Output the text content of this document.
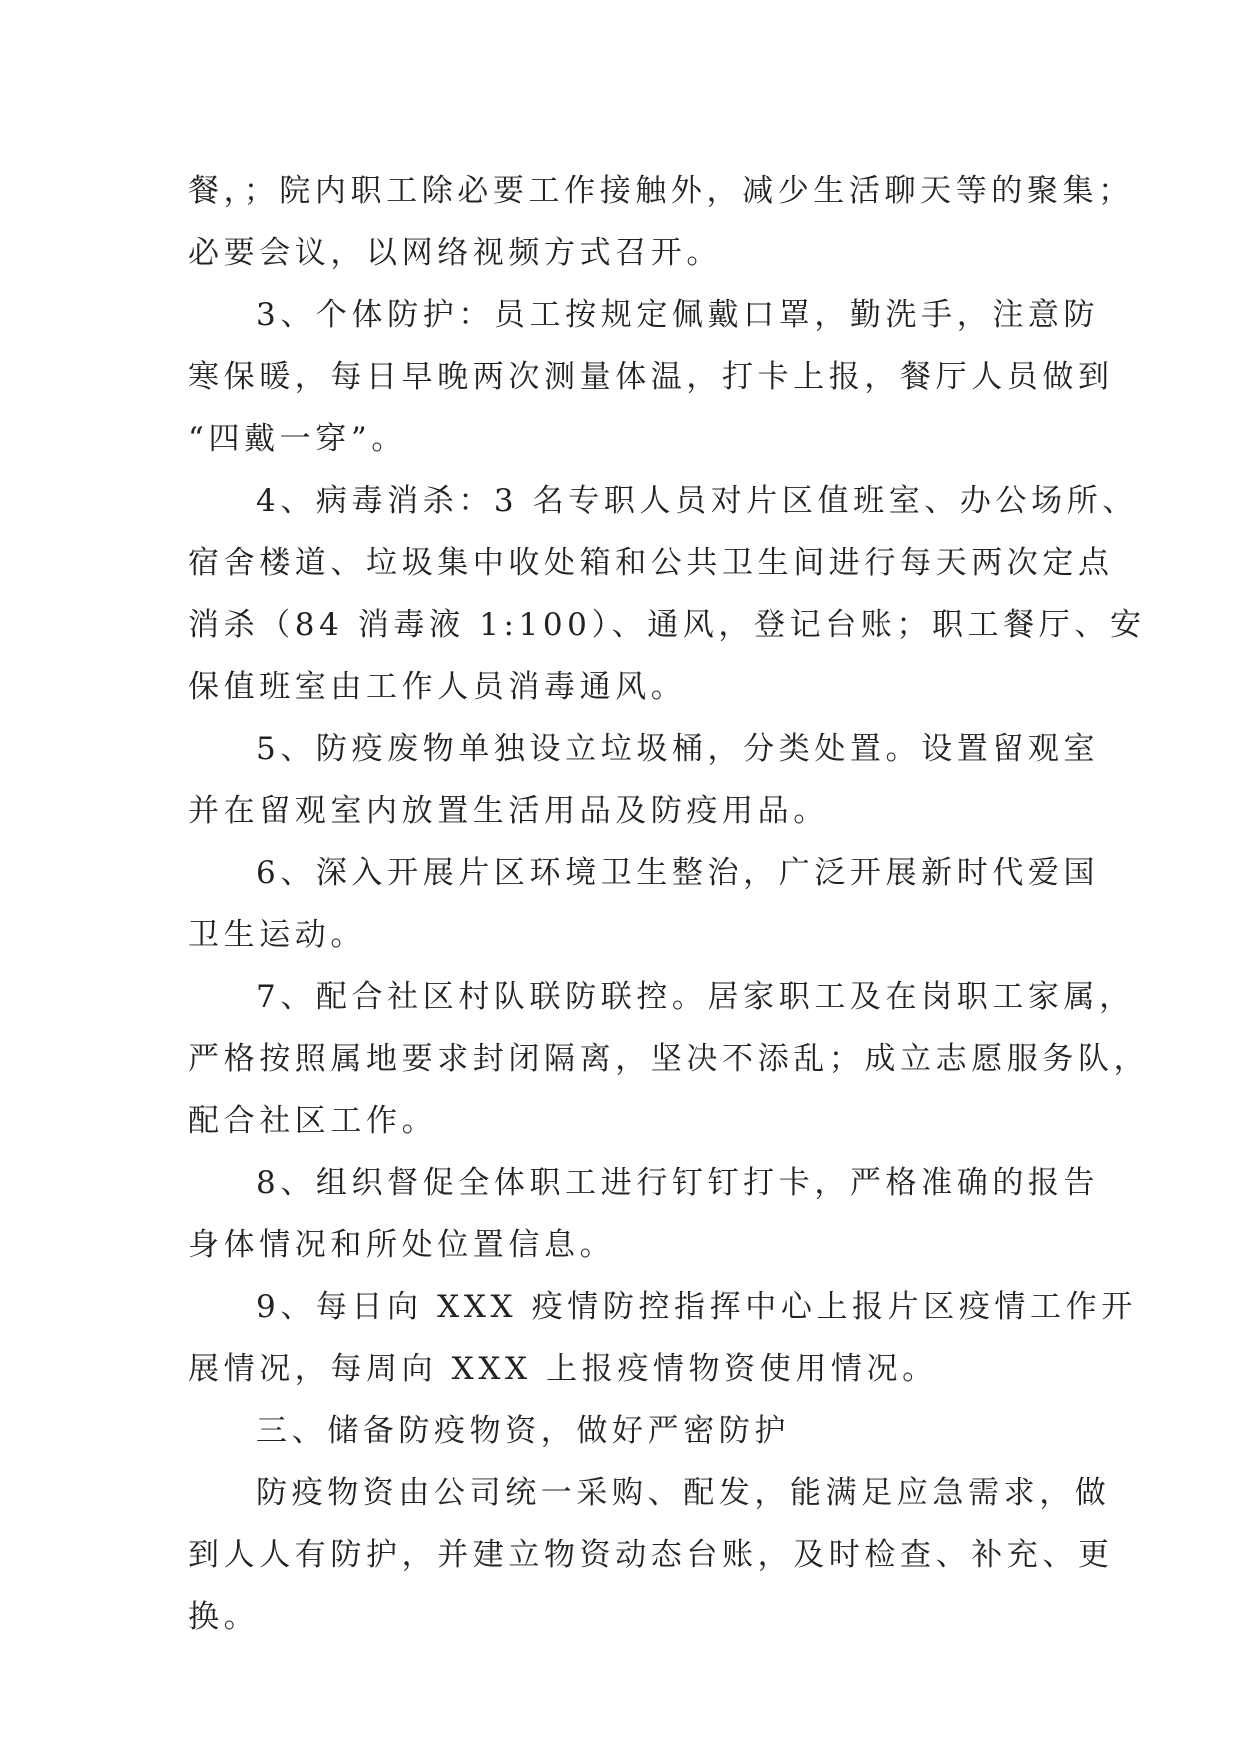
餐，；院内职工除必要工作接触外，减少生活聊天等的聚集；
必要会议，以网络视频方式召开。
3、个体防护：员工按规定佩戴口罩，勤洗手，注意防
寒保暖，每日早晚两次测量体温，打卡上报，餐厅人员做到
“四戴一穿”。
4、病毒消杀：3 名专职人员对片区值班室、办公场所、
宿舍楼道、垃圾集中收处箱和公共卫生间进行每天两次定点
消杀（84 消毒液 1:100）、通风，登记台账；职工餐厅、安
保值班室由工作人员消毒通风。
5、防疫废物单独设立垃圾桶，分类处置。设置留观室
并在留观室内放置生活用品及防疫用品。
6、深入开展片区环境卫生整治，广泛开展新时代爱国
卫生运动。
7、配合社区村队联防联控。居家职工及在岗职工家属，
严格按照属地要求封闭隔离，坚决不添乱；成立志愿服务队，
配合社区工作。
8、组织督促全体职工进行钉钉打卡，严格准确的报告
身体情况和所处位置信息。
9、每日向 XXX 疫情防控指挥中心上报片区疫情工作开
展情况，每周向 XXX 上报疫情物资使用情况。
三、储备防疫物资，做好严密防护
防疫物资由公司统一采购、配发，能满足应急需求，做
到人人有防护，并建立物资动态台账，及时检查、补充、更
换。
